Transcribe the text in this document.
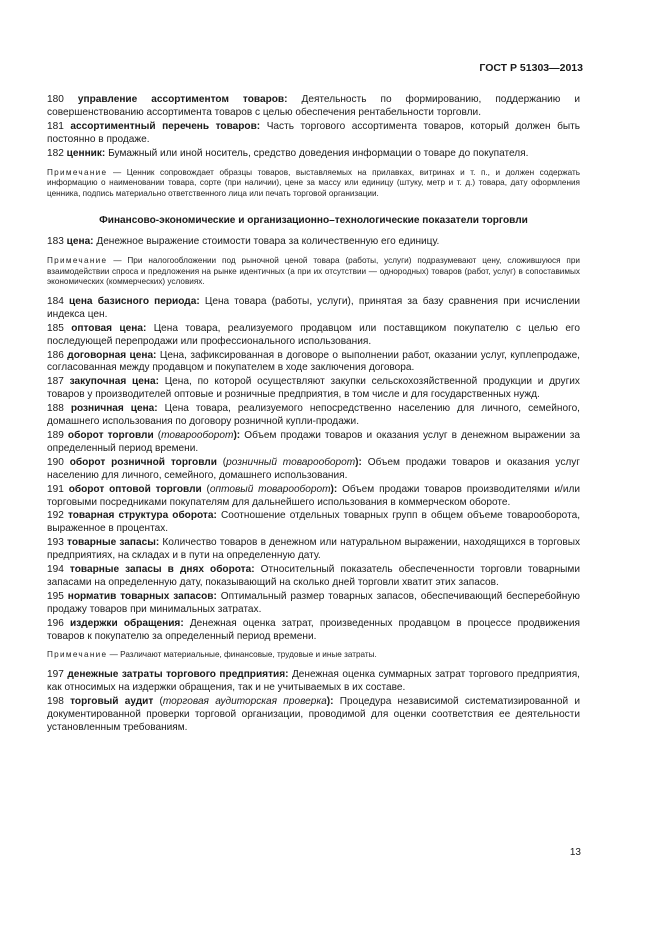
ГОСТ Р 51303—2013

180 управление ассортиментом товаров: Деятельность по формированию, поддержанию и совершенствованию ассортимента товаров с целью обеспечения рентабельности торговли.

181 ассортиментный перечень товаров: Часть торгового ассортимента товаров, который должен быть постоянно в продаже.

182 ценник: Бумажный или иной носитель, средство доведения информации о товаре до покупателя.

Примечание — Ценник сопровождает образцы товаров, выставляемых на прилавках, витринах и т. п., и должен содержать информацию о наименовании товара, сорте (при наличии), цене за массу или единицу (штуку, метр и т. д.) товара, дату оформления ценника, подпись материально ответственного лица или печать торговой организации.
Финансово-экономические и организационно–технологические показатели торговли

183 цена: Денежное выражение стоимости товара за количественную его единицу.

Примечание — При налогообложении под рыночной ценой товара (работы, услуги) подразумевают цену, сложившуюся при взаимодействии спроса и предложения на рынке идентичных (а при их отсутствии — однородных) товаров (работ, услуг) в сопоставимых экономических (коммерческих) условиях.

184 цена базисного периода: Цена товара (работы, услуги), принятая за базу сравнения при исчислении индекса цен.

185 оптовая цена: Цена товара, реализуемого продавцом или поставщиком покупателю с целью его последующей перепродажи или профессионального использования.

186 договорная цена: Цена, зафиксированная в договоре о выполнении работ, оказании услуг, куплепродаже, согласованная между продавцом и покупателем в ходе заключения договора.

187 закупочная цена: Цена, по которой осуществляют закупки сельскохозяйственной продукции и других товаров у производителей оптовые и розничные предприятия, в том числе и для государственных нужд.

188 розничная цена: Цена товара, реализуемого непосредственно населению для личного, семейного, домашнего использования по договору розничной купли-продажи.

189 оборот торговли (товарооборот): Объем продажи товаров и оказания услуг в денежном выражении за определенный период времени.

190 оборот розничной торговли (розничный товарооборот): Объем продажи товаров и оказания услуг населению для личного, семейного, домашнего использования.

191 оборот оптовой торговли (оптовый товарооборот): Объем продажи товаров производителями и/или торговыми посредниками покупателям для дальнейшего использования в коммерческом обороте.

192 товарная структура оборота: Соотношение отдельных товарных групп в общем объеме товарооборота, выраженное в процентах.

193 товарные запасы: Количество товаров в денежном или натуральном выражении, находящихся в торговых предприятиях, на складах и в пути на определенную дату.

194 товарные запасы в днях оборота: Относительный показатель обеспеченности торговли товарными запасами на определенную дату, показывающий на сколько дней торговли хватит этих запасов.

195 норматив товарных запасов: Оптимальный размер товарных запасов, обеспечивающий бесперебойную продажу товаров при минимальных затратах.

196 издержки обращения: Денежная оценка затрат, произведенных продавцом в процессе продвижения товаров к покупателю за определенный период времени.

Примечание — Различают материальные, финансовые, трудовые и иные затраты.

197 денежные затраты торгового предприятия: Денежная оценка суммарных затрат торгового предприятия, как относимых на издержки обращения, так и не учитываемых в их составе.

198 торговый аудит (торговая аудиторская проверка): Процедура независимой систематизированной и документированной проверки торговой организации, проводимой для оценки соответствия ее деятельности установленным требованиям.

13
